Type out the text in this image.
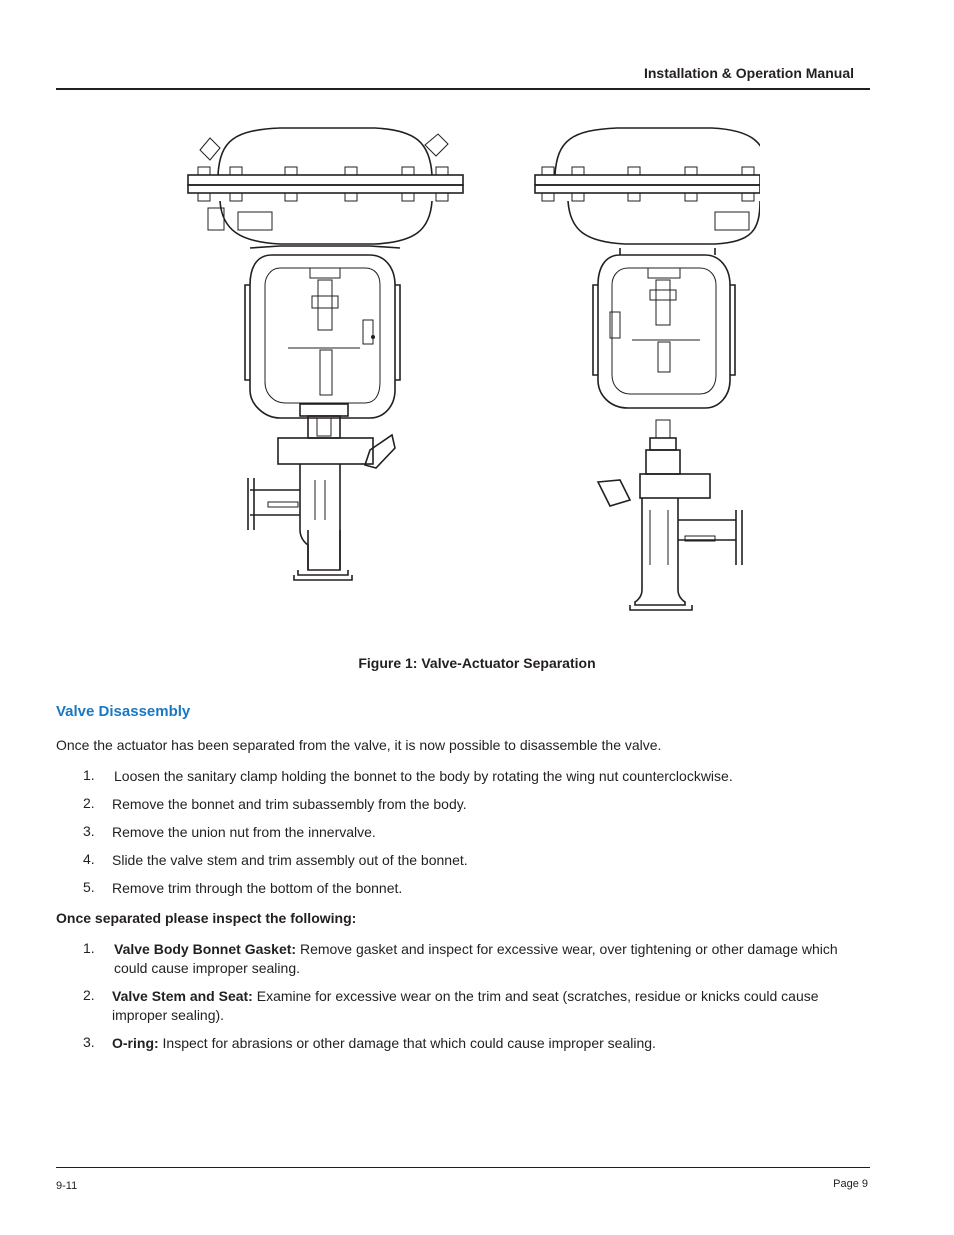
Installation & Operation Manual
Figure 1: Valve-Actuator Separation
Valve Disassembly
Once the actuator has been separated from the valve, it is now possible to disassemble the valve.
1. Loosen the sanitary clamp holding the bonnet to the body by rotating the wing nut counterclockwise.
2. Remove the bonnet and trim subassembly from the body.
3. Remove the union nut from the innervalve.
4. Slide the valve stem and trim assembly out of the bonnet.
5. Remove trim through the bottom of the bonnet.
Once separated please inspect the following:
1. Valve Body Bonnet Gasket: Remove gasket and inspect for excessive wear, over tightening or other damage which could cause improper sealing.
2. Valve Stem and Seat: Examine for excessive wear on the trim and seat (scratches, residue or knicks could cause improper sealing).
3. O-ring: Inspect for abrasions or other damage that which could cause improper sealing.
9-11	Page 9
